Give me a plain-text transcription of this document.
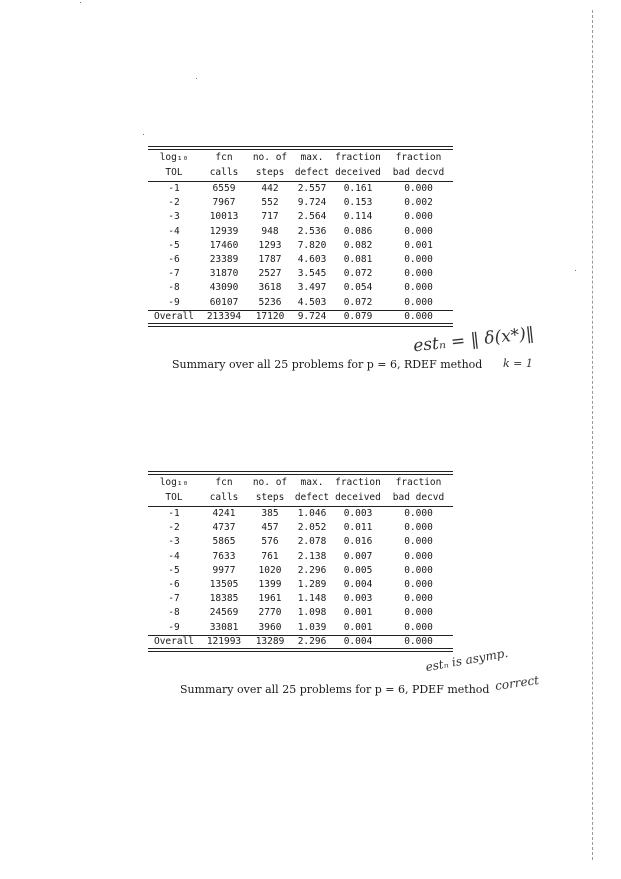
log₁₀	fcn	no. of	max.	fraction	fraction
TOL	calls	steps	defect	deceived	bad decvd
-1	6559	442	2.557	0.161	0.000
-2	7967	552	9.724	0.153	0.002
-3	10013	717	2.564	0.114	0.000
-4	12939	948	2.536	0.086	0.000
-5	17460	1293	7.820	0.082	0.001
-6	23389	1787	4.603	0.081	0.000
-7	31870	2527	3.545	0.072	0.000
-8	43090	3618	3.497	0.054	0.000
-9	60107	5236	4.503	0.072	0.000
Overall	213394	17120	9.724	0.079	0.000
estₙ = ‖ δ(x*)‖
Summary over all 25 problems for p = 6, RDEF method k = 1
log₁₀	fcn	no. of	max.	fraction	fraction
TOL	calls	steps	defect	deceived	bad decvd
-1	4241	385	1.046	0.003	0.000
-2	4737	457	2.052	0.011	0.000
-3	5865	576	2.078	0.016	0.000
-4	7633	761	2.138	0.007	0.000
-5	9977	1020	2.296	0.005	0.000
-6	13505	1399	1.289	0.004	0.000
-7	18385	1961	1.148	0.003	0.000
-8	24569	2770	1.098	0.001	0.000
-9	33081	3960	1.039	0.001	0.000
Overall	121993	13289	2.296	0.004	0.000
estₙ is asymp.
correct
Summary over all 25 problems for p = 6, PDEF method
